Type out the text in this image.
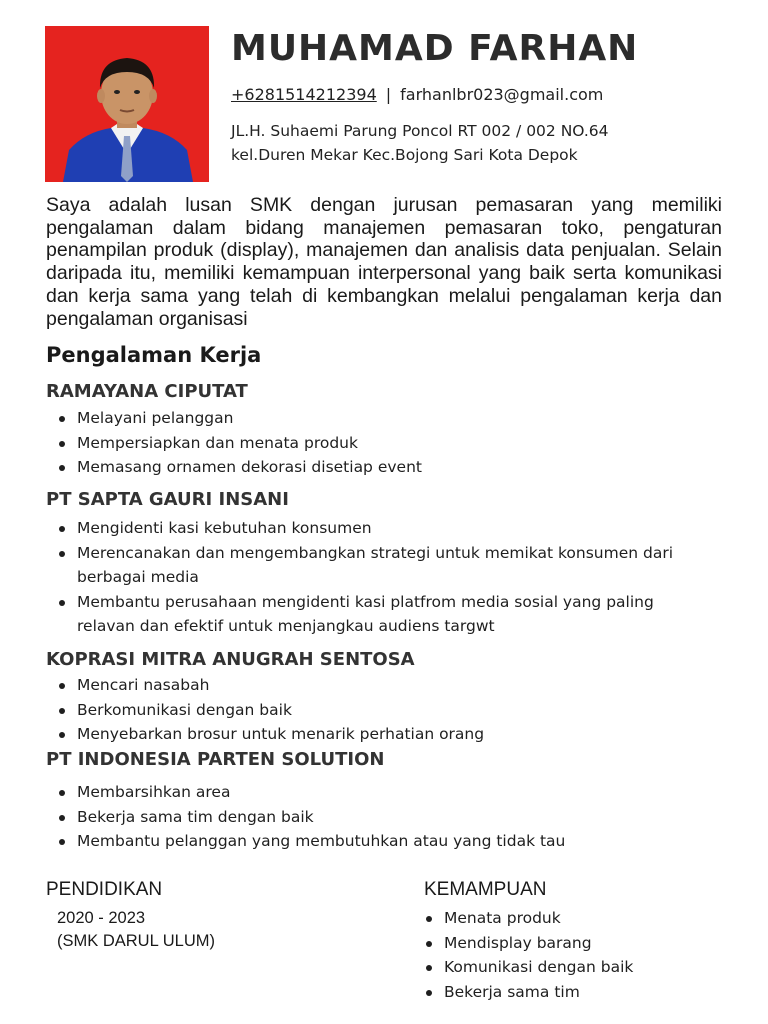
MUHAMAD FARHAN
+6281514212394 | farhanlbr023@gmail.com
JL.H. Suhaemi Parung Poncol RT 002 / 002 NO.64
kel.Duren Mekar Kec.Bojong Sari Kota Depok

Saya adalah lusan SMK dengan jurusan pemasaran yang memiliki pengalaman dalam bidang manajemen pemasaran toko, pengaturan penampilan produk (display), manajemen dan analisis data penjualan. Selain daripada itu, memiliki kemampuan interpersonal yang baik serta komunikasi dan kerja sama yang telah di kembangkan melalui pengalaman kerja dan pengalaman organisasi

Pengalaman Kerja
RAMAYANA CIPUTAT
Melayani pelanggan
Mempersiapkan dan menata produk
Memasang ornamen dekorasi disetiap event
PT SAPTA GAURI INSANI
Mengidenti kasi kebutuhan konsumen
Merencanakan dan mengembangkan strategi untuk memikat konsumen dari berbagai media
Membantu perusahaan mengidenti kasi platfrom media sosial yang paling relavan dan efektif untuk menjangkau audiens targwt
KOPRASI MITRA ANUGRAH SENTOSA
Mencari nasabah
Berkomunikasi dengan baik
Menyebarkan brosur untuk menarik perhatian orang
PT INDONESIA PARTEN SOLUTION
Membarsihkan area
Bekerja sama tim dengan baik
Membantu pelanggan yang membutuhkan atau yang tidak tau
PENDIDIKAN
2020 - 2023
(SMK DARUL ULUM)
KEMAMPUAN
Menata produk
Mendisplay barang
Komunikasi dengan baik
Bekerja sama tim
